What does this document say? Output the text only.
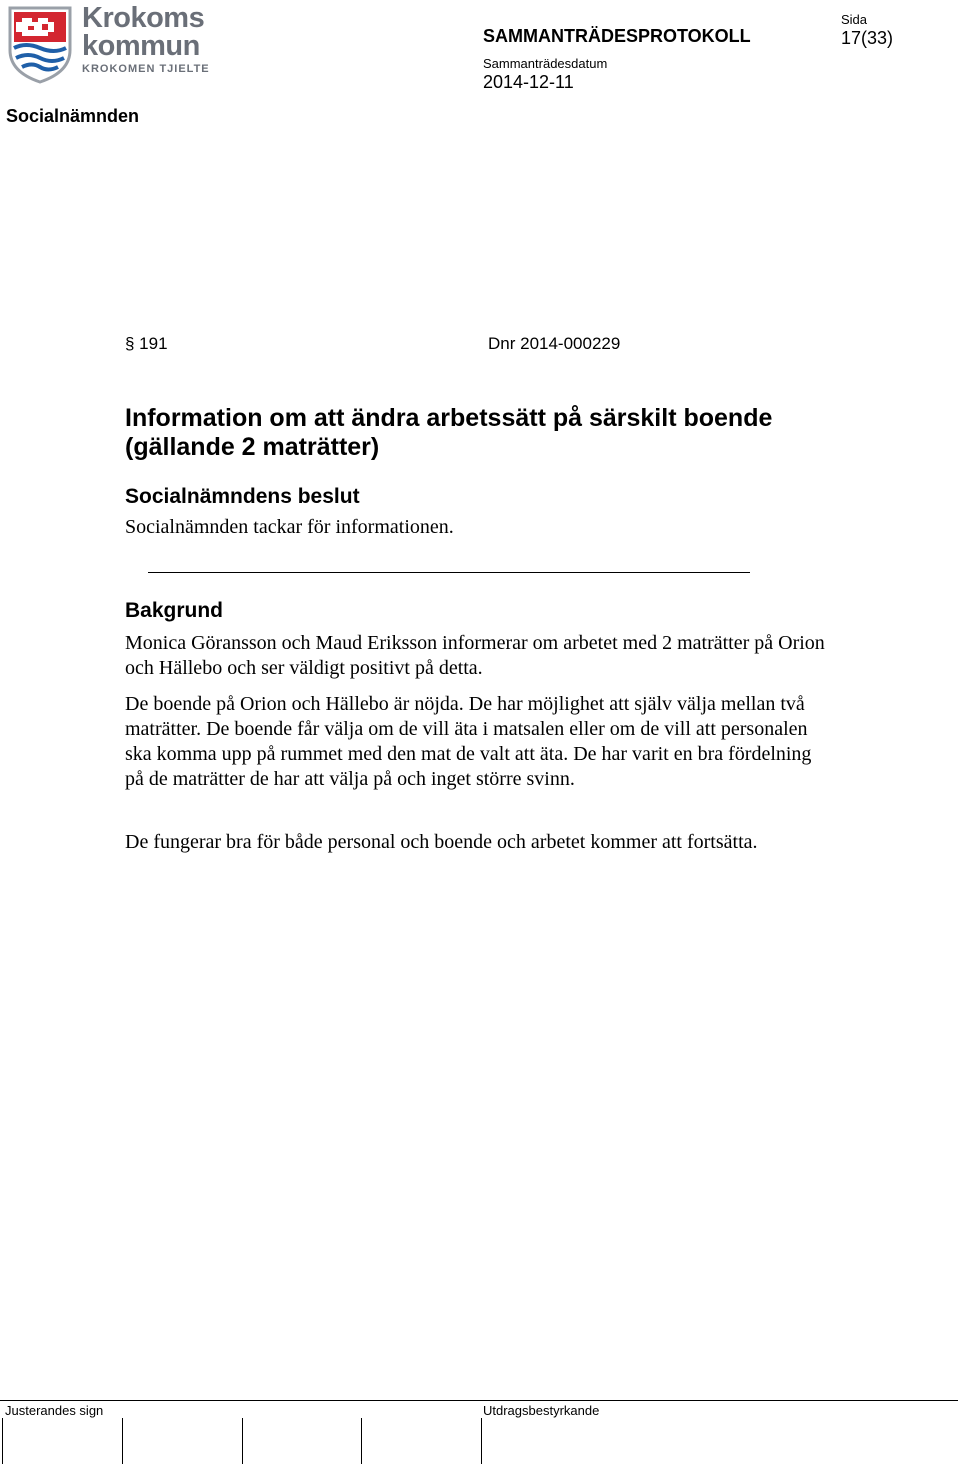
Krokoms
kommun
KROKOMEN TJIELTE
Socialnämnden
SAMMANTRÄDESPROTOKOLL
Sammanträdesdatum
2014-12-11
Sida
17(33)
§ 191	Dnr 2014-000229
Information om att ändra arbetssätt på särskilt boende (gällande 2 maträtter)
Socialnämndens beslut
Socialnämnden tackar för informationen.
Bakgrund
Monica Göransson och Maud Eriksson informerar om arbetet med 2 maträtter på Orion och Hällebo och ser väldigt positivt på detta.
De boende på Orion och Hällebo är nöjda. De har möjlighet att själv välja mellan två maträtter. De boende får välja om de vill äta i matsalen eller om de vill att personalen ska komma upp på rummet med den mat de valt att äta. De har varit en bra fördelning på de maträtter de har att välja på och inget större svinn.
De fungerar bra för både personal och boende och arbetet kommer att fortsätta.
Justerandes sign	Utdragsbestyrkande
